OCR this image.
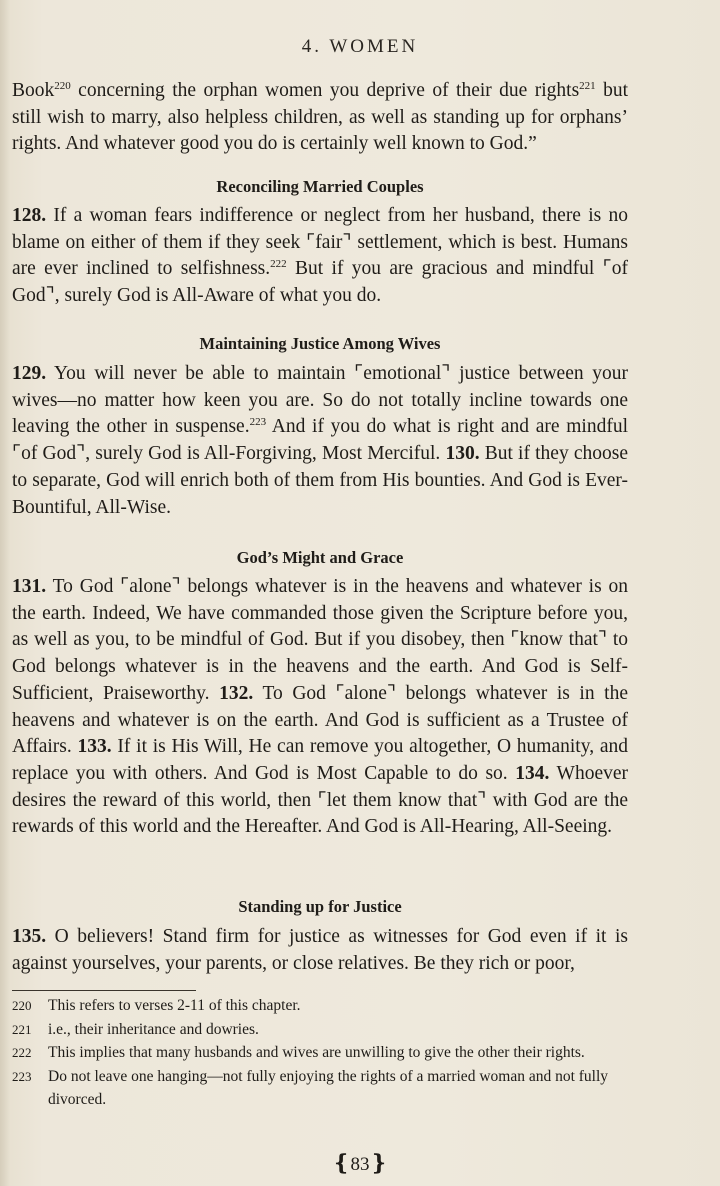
4. WOMEN

Book$^{220}$ concerning the orphan women you deprive of their due rights$^{221}$ but still wish to marry, also helpless children, as well as standing up for orphans’ rights. And whatever good you do is certainly well known to God.”

Reconciling Married Couples

128. If a woman fears indifference or neglect from her husband, there is no blame on either of them if they seek ⌜fair⌝ settlement, which is best. Humans are ever inclined to selfishness.$^{222}$ But if you are gracious and mindful ⌜of God⌝, surely God is All-Aware of what you do.

Maintaining Justice Among Wives

129. You will never be able to maintain ⌜emotional⌝ justice between your wives—no matter how keen you are. So do not totally incline towards one leaving the other in suspense.$^{223}$ And if you do what is right and are mindful ⌜of God⌝, surely God is All-Forgiving, Most Merciful. 130. But if they choose to separate, God will enrich both of them from His bounties. And God is Ever-Bountiful, All-Wise.

God’s Might and Grace

131. To God ⌜alone⌝ belongs whatever is in the heavens and whatever is on the earth. Indeed, We have commanded those given the Scripture before you, as well as you, to be mindful of God. But if you disobey, then ⌜know that⌝ to God belongs whatever is in the heavens and the earth. And God is Self-Sufficient, Praiseworthy. 132. To God ⌜alone⌝ belongs whatever is in the heavens and whatever is on the earth. And God is sufficient as a Trustee of Affairs. 133. If it is His Will, He can remove you altogether, O humanity, and replace you with others. And God is Most Capable to do so. 134. Whoever desires the reward of this world, then ⌜let them know that⌝ with God are the rewards of this world and the Hereafter. And God is All-Hearing, All-Seeing.

Standing up for Justice

135. O believers! Stand firm for justice as witnesses for God even if it is against yourselves, your parents, or close relatives. Be they rich or poor,

220	This refers to verses 2-11 of this chapter.

221	i.e., their inheritance and dowries.

222	This implies that many husbands and wives are unwilling to give the other their rights.

223	Do not leave one hanging—not fully enjoying the rights of a married woman and not fully divorced.

❴83❵
